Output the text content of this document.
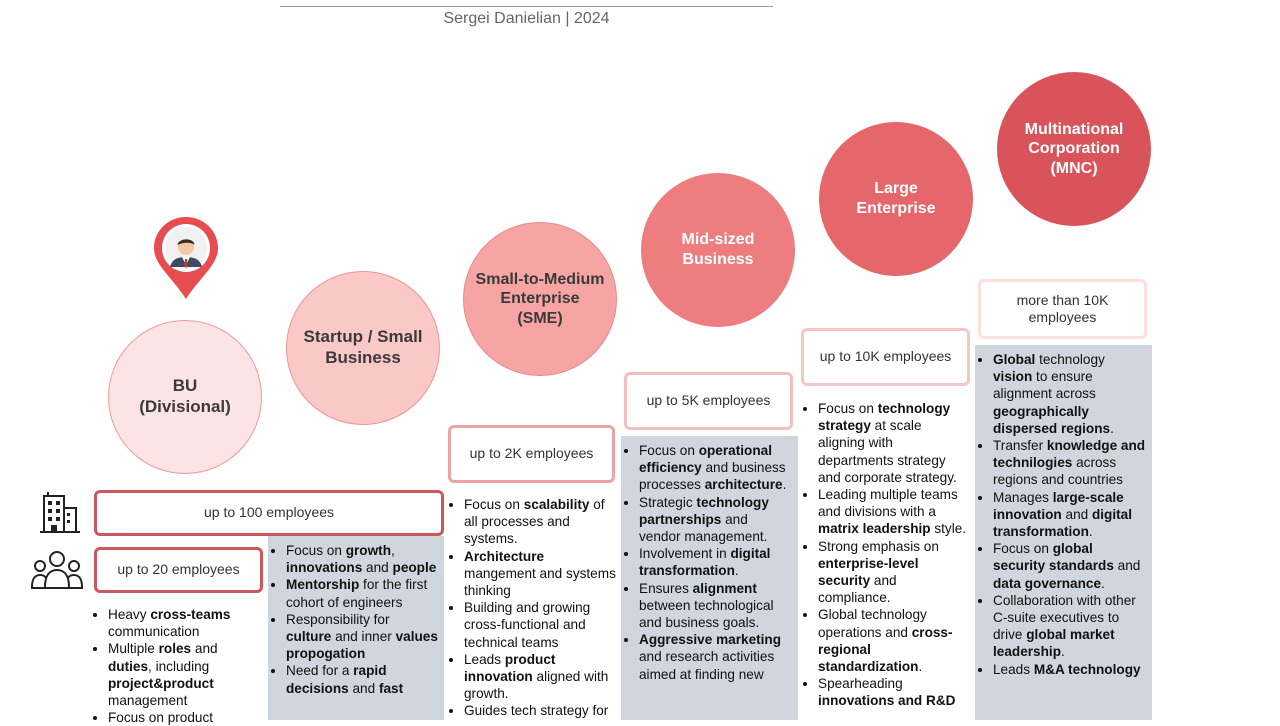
Sergei Danielian | 2024
BU
(Divisional)
Startup / Small
Business
Small-to-Medium
Enterprise
(SME)
Mid-sized
Business
Large
Enterprise
Multinational
Corporation
(MNC)
up to 20 employees
up to 100 employees
up to 2K employees
up to 5K employees
up to 10K employees
more than 10K
employees
• Heavy cross-teams communication
• Multiple roles and duties, including project&product management
• Focus on product
• Focus on growth, innovations and people
• Mentorship for the first cohort of engineers
• Responsibility for culture and inner values propogation
• Need for a rapid decisions and fast
• Focus on scalability of all processes and systems.
• Architecture mangement and systems thinking
• Building and growing cross-functional and technical teams
• Leads product innovation aligned with growth.
• Guides tech strategy for
• Focus on operational efficiency and business processes architecture.
• Strategic technology partnerships and vendor management.
• Involvement in digital transformation.
• Ensures alignment between technological and business goals.
• Aggressive marketing and research activities aimed at finding new
• Focus on technology strategy at scale aligning with departments strategy and corporate strategy.
• Leading multiple teams and divisions with a matrix leadership style.
• Strong emphasis on enterprise-level security and compliance.
• Global technology operations and cross-regional standardization.
• Spearheading innovations and R&D
• Global technology vision to ensure alignment across geographically dispersed regions.
• Transfer knowledge and technilogies across regions and countries
• Manages large-scale innovation and digital transformation.
• Focus on global security standards and data governance.
• Collaboration with other C-suite executives to drive global market leadership.
• Leads M&A technology
